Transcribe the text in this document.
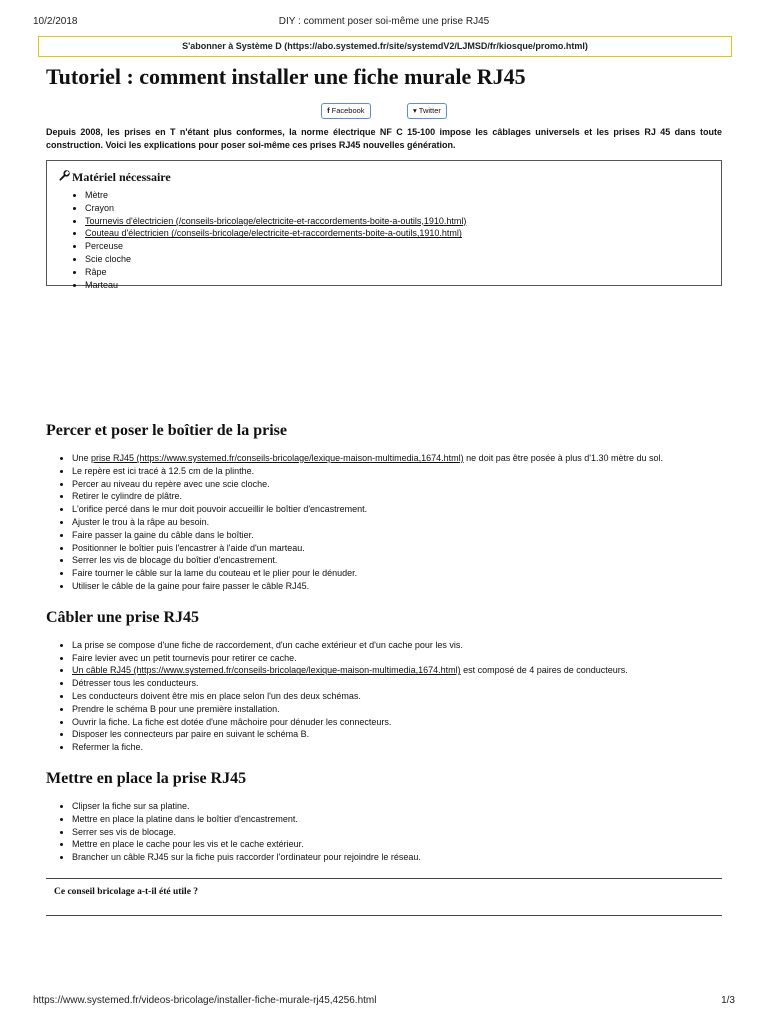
10/2/2018	DIY : comment poser soi-même une prise RJ45
S'abonner à Système D (https://abo.systemed.fr/site/systemdV2/LJMSD/fr/kiosque/promo.html)
Tutoriel : comment installer une fiche murale RJ45
f Facebook	▾ Twitter

Depuis 2008, les prises en T n'étant plus conformes, la norme électrique NF C 15-100 impose les câblages universels et les prises RJ 45 dans toute construction. Voici les explications pour poser soi-même ces prises RJ45 nouvelles génération.

Matériel nécessaire
• Mètre
• Crayon
• Tournevis d'électricien (/conseils-bricolage/electricite-et-raccordements-boite-a-outils,1910.html)
• Couteau d'électricien (/conseils-bricolage/electricite-et-raccordements-boite-a-outils,1910.html)
• Perceuse
• Scie cloche
• Râpe
• Marteau
Percer et poser le boîtier de la prise
• Une prise RJ45 (https://www.systemed.fr/conseils-bricolage/lexique-maison-multimedia,1674.html) ne doit pas être posée à plus d'1.30 mètre du sol.
• Le repère est ici tracé à 12.5 cm de la plinthe.
• Percer au niveau du repère avec une scie cloche.
• Retirer le cylindre de plâtre.
• L'orifice percé dans le mur doit pouvoir accueillir le boîtier d'encastrement.
• Ajuster le trou à la râpe au besoin.
• Faire passer la gaine du câble dans le boîtier.
• Positionner le boîtier puis l'encastrer à l'aide d'un marteau.
• Serrer les vis de blocage du boîtier d'encastrement.
• Faire tourner le câble sur la lame du couteau et le plier pour le dénuder.
• Utiliser le câble de la gaine pour faire passer le câble RJ45.
Câbler une prise RJ45
• La prise se compose d'une fiche de raccordement, d'un cache extérieur et d'un cache pour les vis.
• Faire levier avec un petit tournevis pour retirer ce cache.
• Un câble RJ45 (https://www.systemed.fr/conseils-bricolage/lexique-maison-multimedia,1674.html) est composé de 4 paires de conducteurs.
• Détresser tous les conducteurs.
• Les conducteurs doivent être mis en place selon l'un des deux schémas.
• Prendre le schéma B pour une première installation.
• Ouvrir la fiche. La fiche est dotée d'une mâchoire pour dénuder les connecteurs.
• Disposer les connecteurs par paire en suivant le schéma B.
• Refermer la fiche.
Mettre en place la prise RJ45
• Clipser la fiche sur sa platine.
• Mettre en place la platine dans le boîtier d'encastrement.
• Serrer ses vis de blocage.
• Mettre en place le cache pour les vis et le cache extérieur.
• Brancher un câble RJ45 sur la fiche puis raccorder l'ordinateur pour rejoindre le réseau.
Ce conseil bricolage a-t-il été utile ?
https://www.systemed.fr/videos-bricolage/installer-fiche-murale-rj45,4256.html	1/3
